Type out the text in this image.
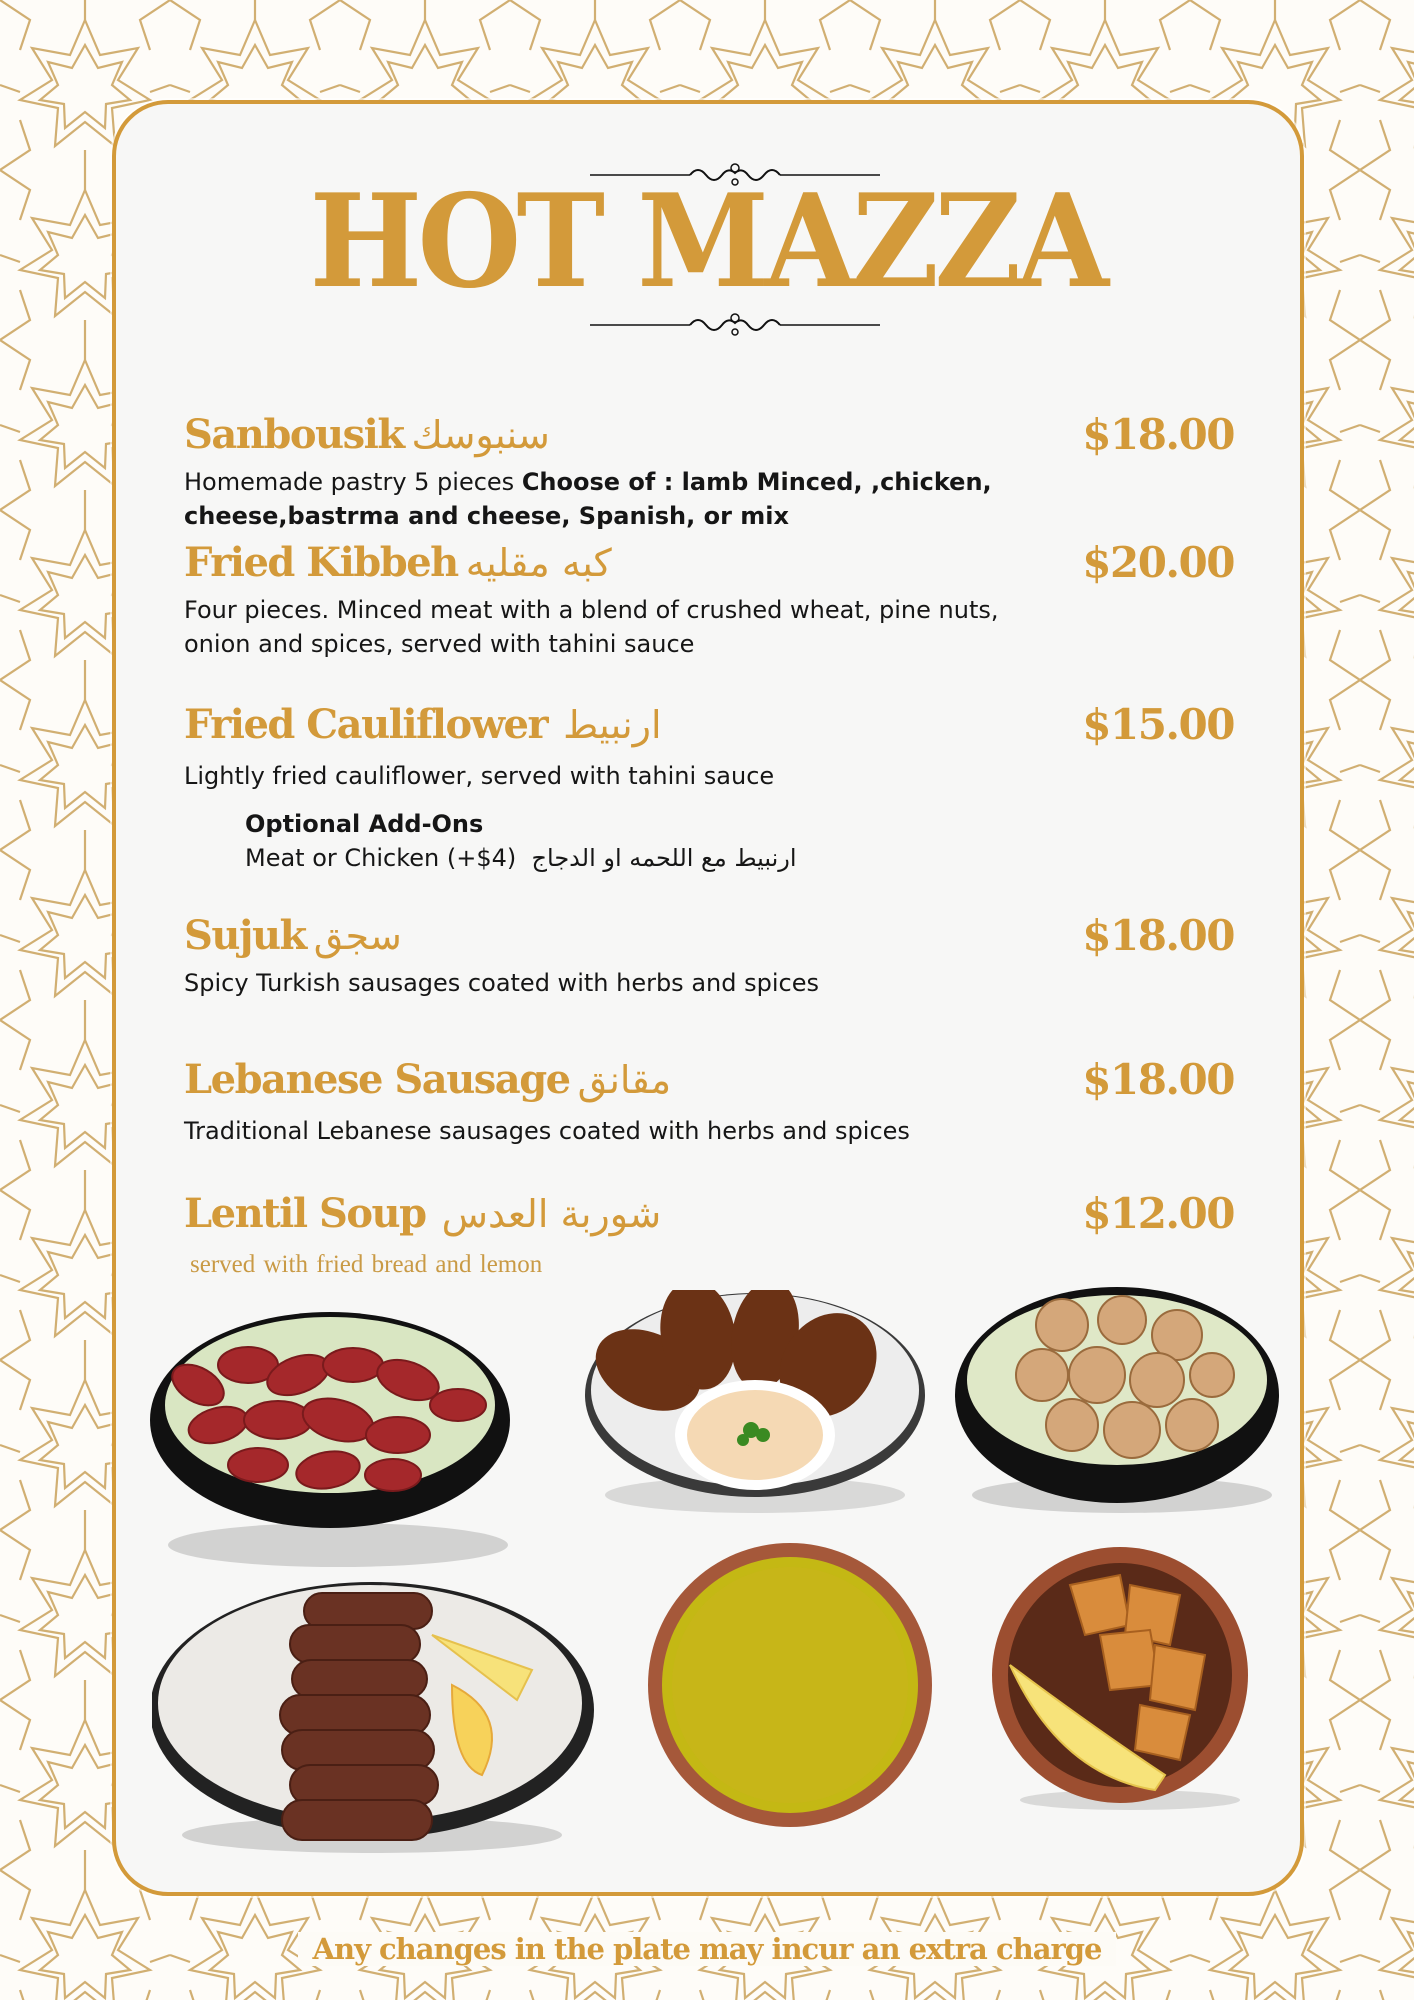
HOT MAZZA
Sanbousik سنبوسك	$18.00
Homemade pastry 5 pieces Choose of : lamb Minced, ,chicken, cheese,bastrma and cheese, Spanish, or mix
Fried Kibbeh كبه مقليه	$20.00
Four pieces. Minced meat with a blend of crushed wheat, pine nuts, onion and spices, served with tahini sauce
Fried Cauliflower ارنبيط	$15.00
Lightly fried cauliflower, served with tahini sauce
Optional Add-Ons
Meat or Chicken (+$4) ارنبيط مع اللحمه او الدجاج
Sujuk سجق	$18.00
Spicy Turkish sausages coated with herbs and spices
Lebanese Sausage مقانق	$18.00
Traditional Lebanese sausages coated with herbs and spices
Lentil Soup شوربة العدس	$12.00
served with fried bread and lemon
Any changes in the plate may incur an extra charge
